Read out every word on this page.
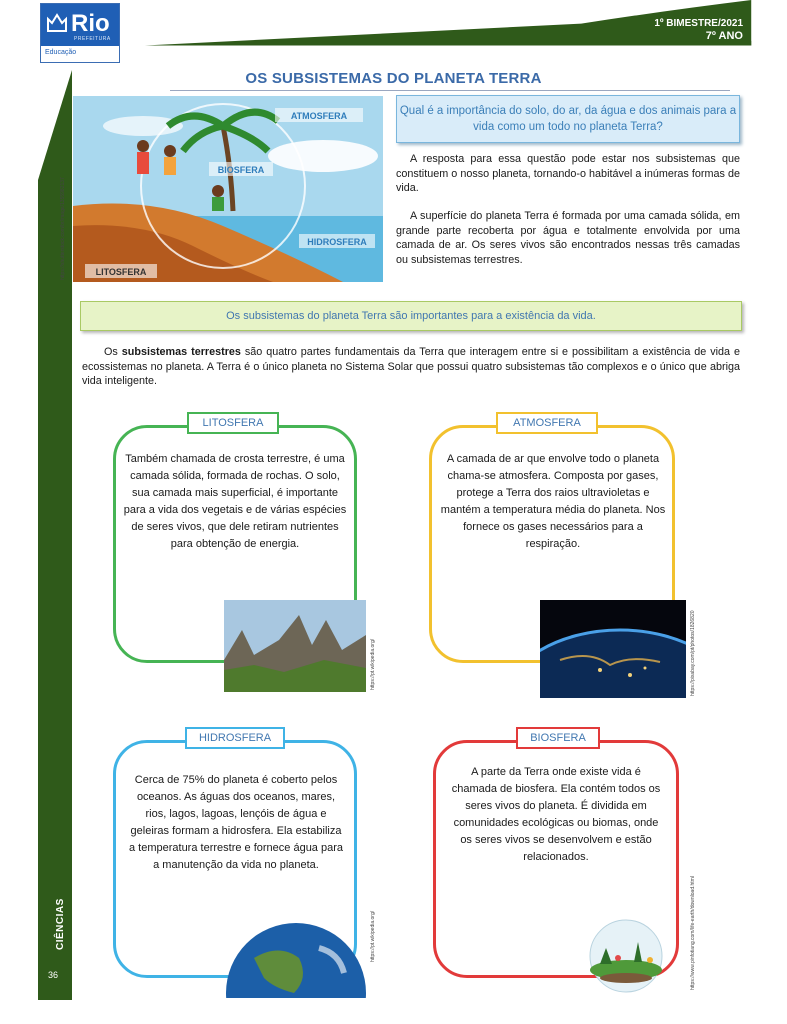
Rio
PREFEITURA
Educação
1º BIMESTRE/2021
7º ANO
OS SUBSISTEMAS DO PLANETA TERRA
ATMOSFERA
BIOSFERA
HIDROSFERA
LITOSFERA
https://shutterstock.com/br/image/1355982137
Qual é a importância do solo, do ar, da água e dos animais para a vida como um todo no planeta Terra?
A resposta para essa questão pode estar nos subsistemas que constituem o nosso planeta, tornando-o habitável a inúmeras formas de vida.
A superfície do planeta Terra é formada por uma camada sólida, em grande parte recoberta por água e totalmente envolvida por uma camada de ar. Os seres vivos são encontrados nessas três camadas ou subsistemas terrestres.
Os subsistemas do planeta Terra são importantes para a existência da vida.
Os subsistemas terrestres são quatro partes fundamentais da Terra que interagem entre si e possibilitam a existência de vida e ecossistemas no planeta. A Terra é o único planeta no Sistema Solar que possui quatro subsistemas tão complexos e o único que abriga vida inteligente.
LITOSFERA
Também chamada de crosta terrestre, é uma camada sólida, formada de rochas. O solo, sua camada mais superficial, é importante para a vida dos vegetais e de várias espécies de seres vivos, que dele retiram nutrientes para obtenção de energia.
https://pt.wikipedia.org/
ATMOSFERA
A camada de ar que envolve todo o planeta chama-se atmosfera. Composta por gases, protege a Terra dos raios ultravioletas e mantém a temperatura média do planeta. Nos fornece os gases necessários para a respiração.
https://pixabay.com/pt/photos/1826820
HIDROSFERA
Cerca de 75% do planeta é coberto pelos oceanos. As águas dos oceanos, mares, rios, lagos, lagoas, lençóis de água e geleiras formam a hidrosfera. Ela estabiliza a temperatura terrestre e fornece água para a manutenção da vida no planeta.
https://pt.wikipedia.org/
BIOSFERA
A parte da Terra onde existe vida é chamada de biosfera. Ela contém todos os seres vivos do planeta. É dividida em comunidades ecológicas ou biomas, onde os seres vivos se desenvolvem e estão relacionados.
https://www.pinfotiang.com/life-earth/download.html
CIÊNCIAS
36
